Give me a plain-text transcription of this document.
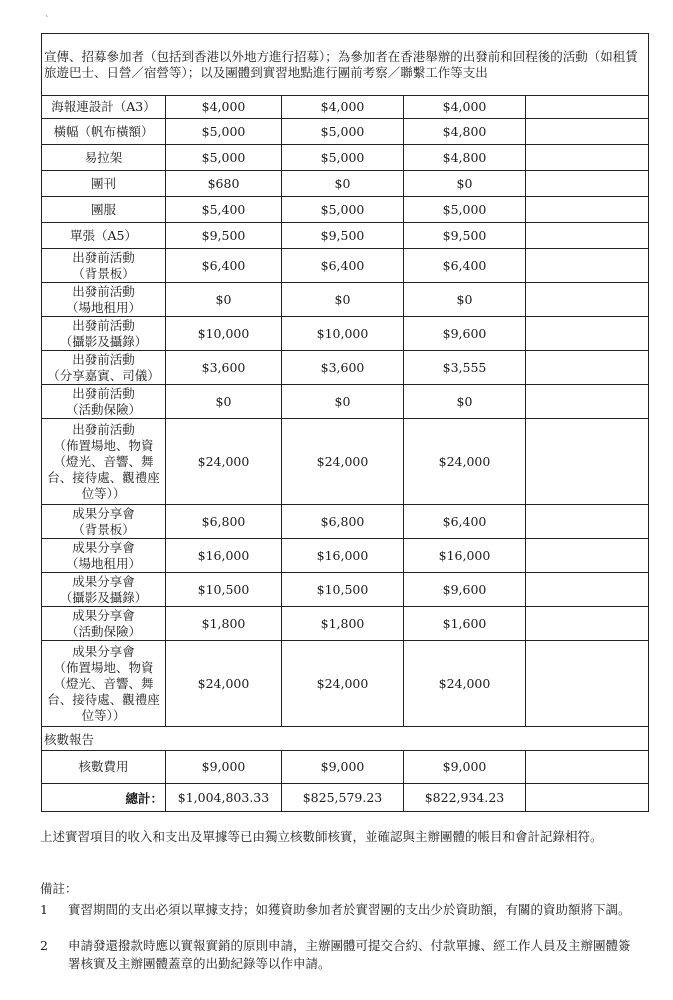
`
宣傳、招募參加者（包括到香港以外地方進行招募）；為參加者在香港舉辦的出發前和回程後的活動（如租賃旅遊巴士、日營／宿營等）；以及團體到實習地點進行團前考察／聯繫工作等支出				

海報連設計（A3）	$4,000	$4,000	$4,000	

橫幅（帆布橫額）	$5,000	$5,000	$4,800	

易拉架	$5,000	$5,000	$4,800	

團刊	$680	$0	$0	

團服	$5,400	$5,000	$5,000	

單張（A5）	$9,500	$9,500	$9,500	

出發前活動
（背景板）	$6,400	$6,400	$6,400	

出發前活動
（場地租用）	$0	$0	$0	

出發前活動
（攝影及攝錄）	$10,000	$10,000	$9,600	

出發前活動
（分享嘉賓、司儀）	$3,600	$3,600	$3,555	

出發前活動
（活動保險）	$0	$0	$0	

出發前活動
（佈置場地、物資
（燈光、音響、舞
台、接待處、觀禮座
位等））	$24,000	$24,000	$24,000	

成果分享會
（背景板）	$6,800	$6,800	$6,400	

成果分享會
（場地租用）	$16,000	$16,000	$16,000	

成果分享會
（攝影及攝錄）	$10,500	$10,500	$9,600	

成果分享會
（活動保險）	$1,800	$1,800	$1,600	

成果分享會
（佈置場地、物資
（燈光、音響、舞
台、接待處、觀禮座
位等））	$24,000	$24,000	$24,000	
核數報告				
核數費用	$9,000	$9,000	$9,000	
總計：	$1,004,803.33	$825,579.23	$822,934.23	
上述實習項目的收入和支出及單據等已由獨立核數師核實，並確認與主辦團體的帳目和會計記錄相符。
備註：
1	實習期間的支出必須以單據支持；如獲資助參加者於實習團的支出少於資助額，有關的資助額將下調。
2	申請發還撥款時應以實報實銷的原則申請，主辦團體可提交合約、付款單據、經工作人員及主辦團體簽署核實及主辦團體蓋章的出勤紀錄等以作申請。
